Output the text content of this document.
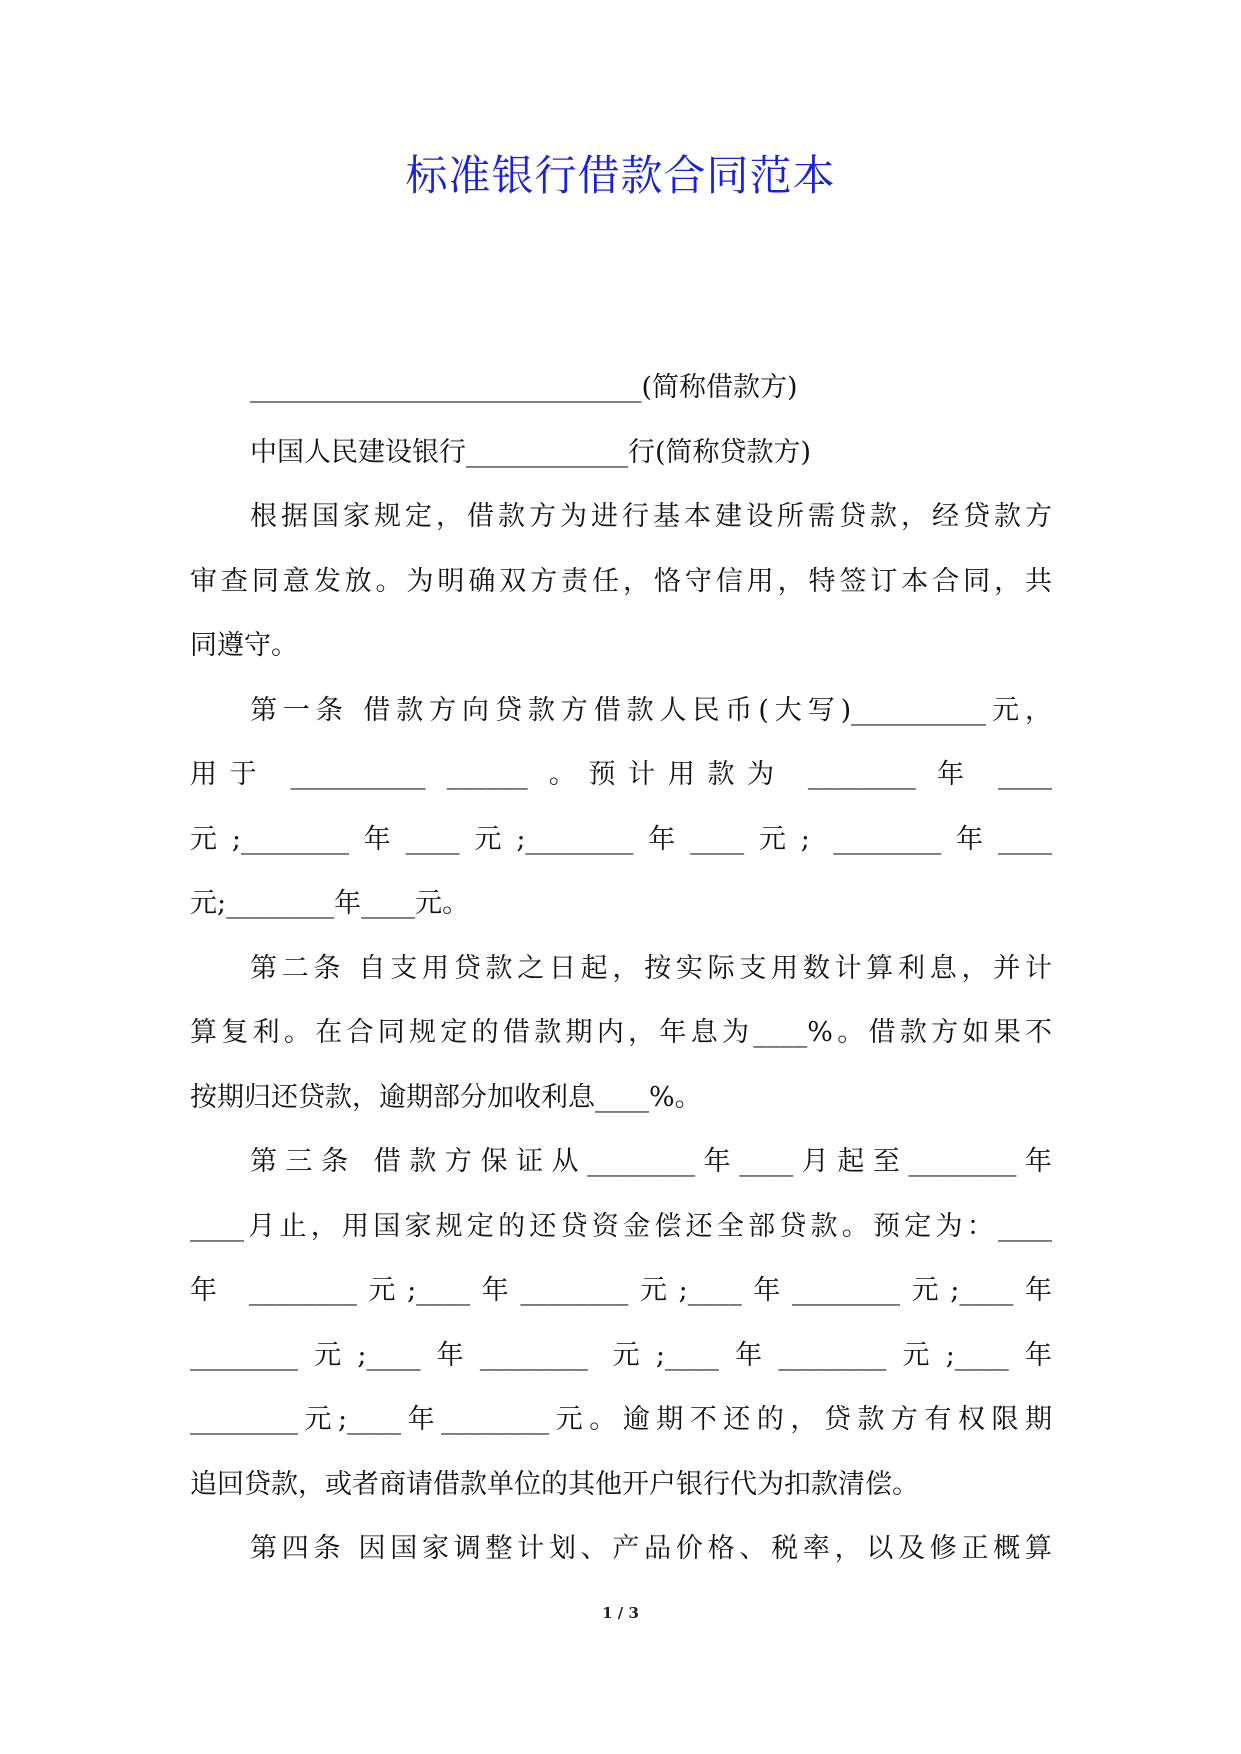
标准银行借款合同范本
_____________________________(简称借款方)
中国人民建设银行____________行(简称贷款方)
根据国家规定，借款方为进行基本建设所需贷款，经贷款方
审查同意发放。为明确双方责任，恪守信用，特签订本合同，共
同遵守。
第一条 借款方向贷款方借款人民币(大写)__________元，
用于 __________ ______ 。预计用款为 ________ 年 ____
元;________年____元;________年____元; ________年____
元;________年____元。
第二条 自支用贷款之日起，按实际支用数计算利息，并计
算复利。在合同规定的借款期内，年息为____%。借款方如果不
按期归还贷款，逾期部分加收利息____%。
第三条 借款方保证从________年____月起至________年
____月止，用国家规定的还贷资金偿还全部贷款。预定为：____
年 ________元;____年________元;____年________元;____年
________元;____年________ 元;____年________元;____年
________元;____年________元。逾期不还的，贷款方有权限期
追回贷款，或者商请借款单位的其他开户银行代为扣款清偿。
第四条 因国家调整计划、产品价格、税率，以及修正概算
1 / 3
